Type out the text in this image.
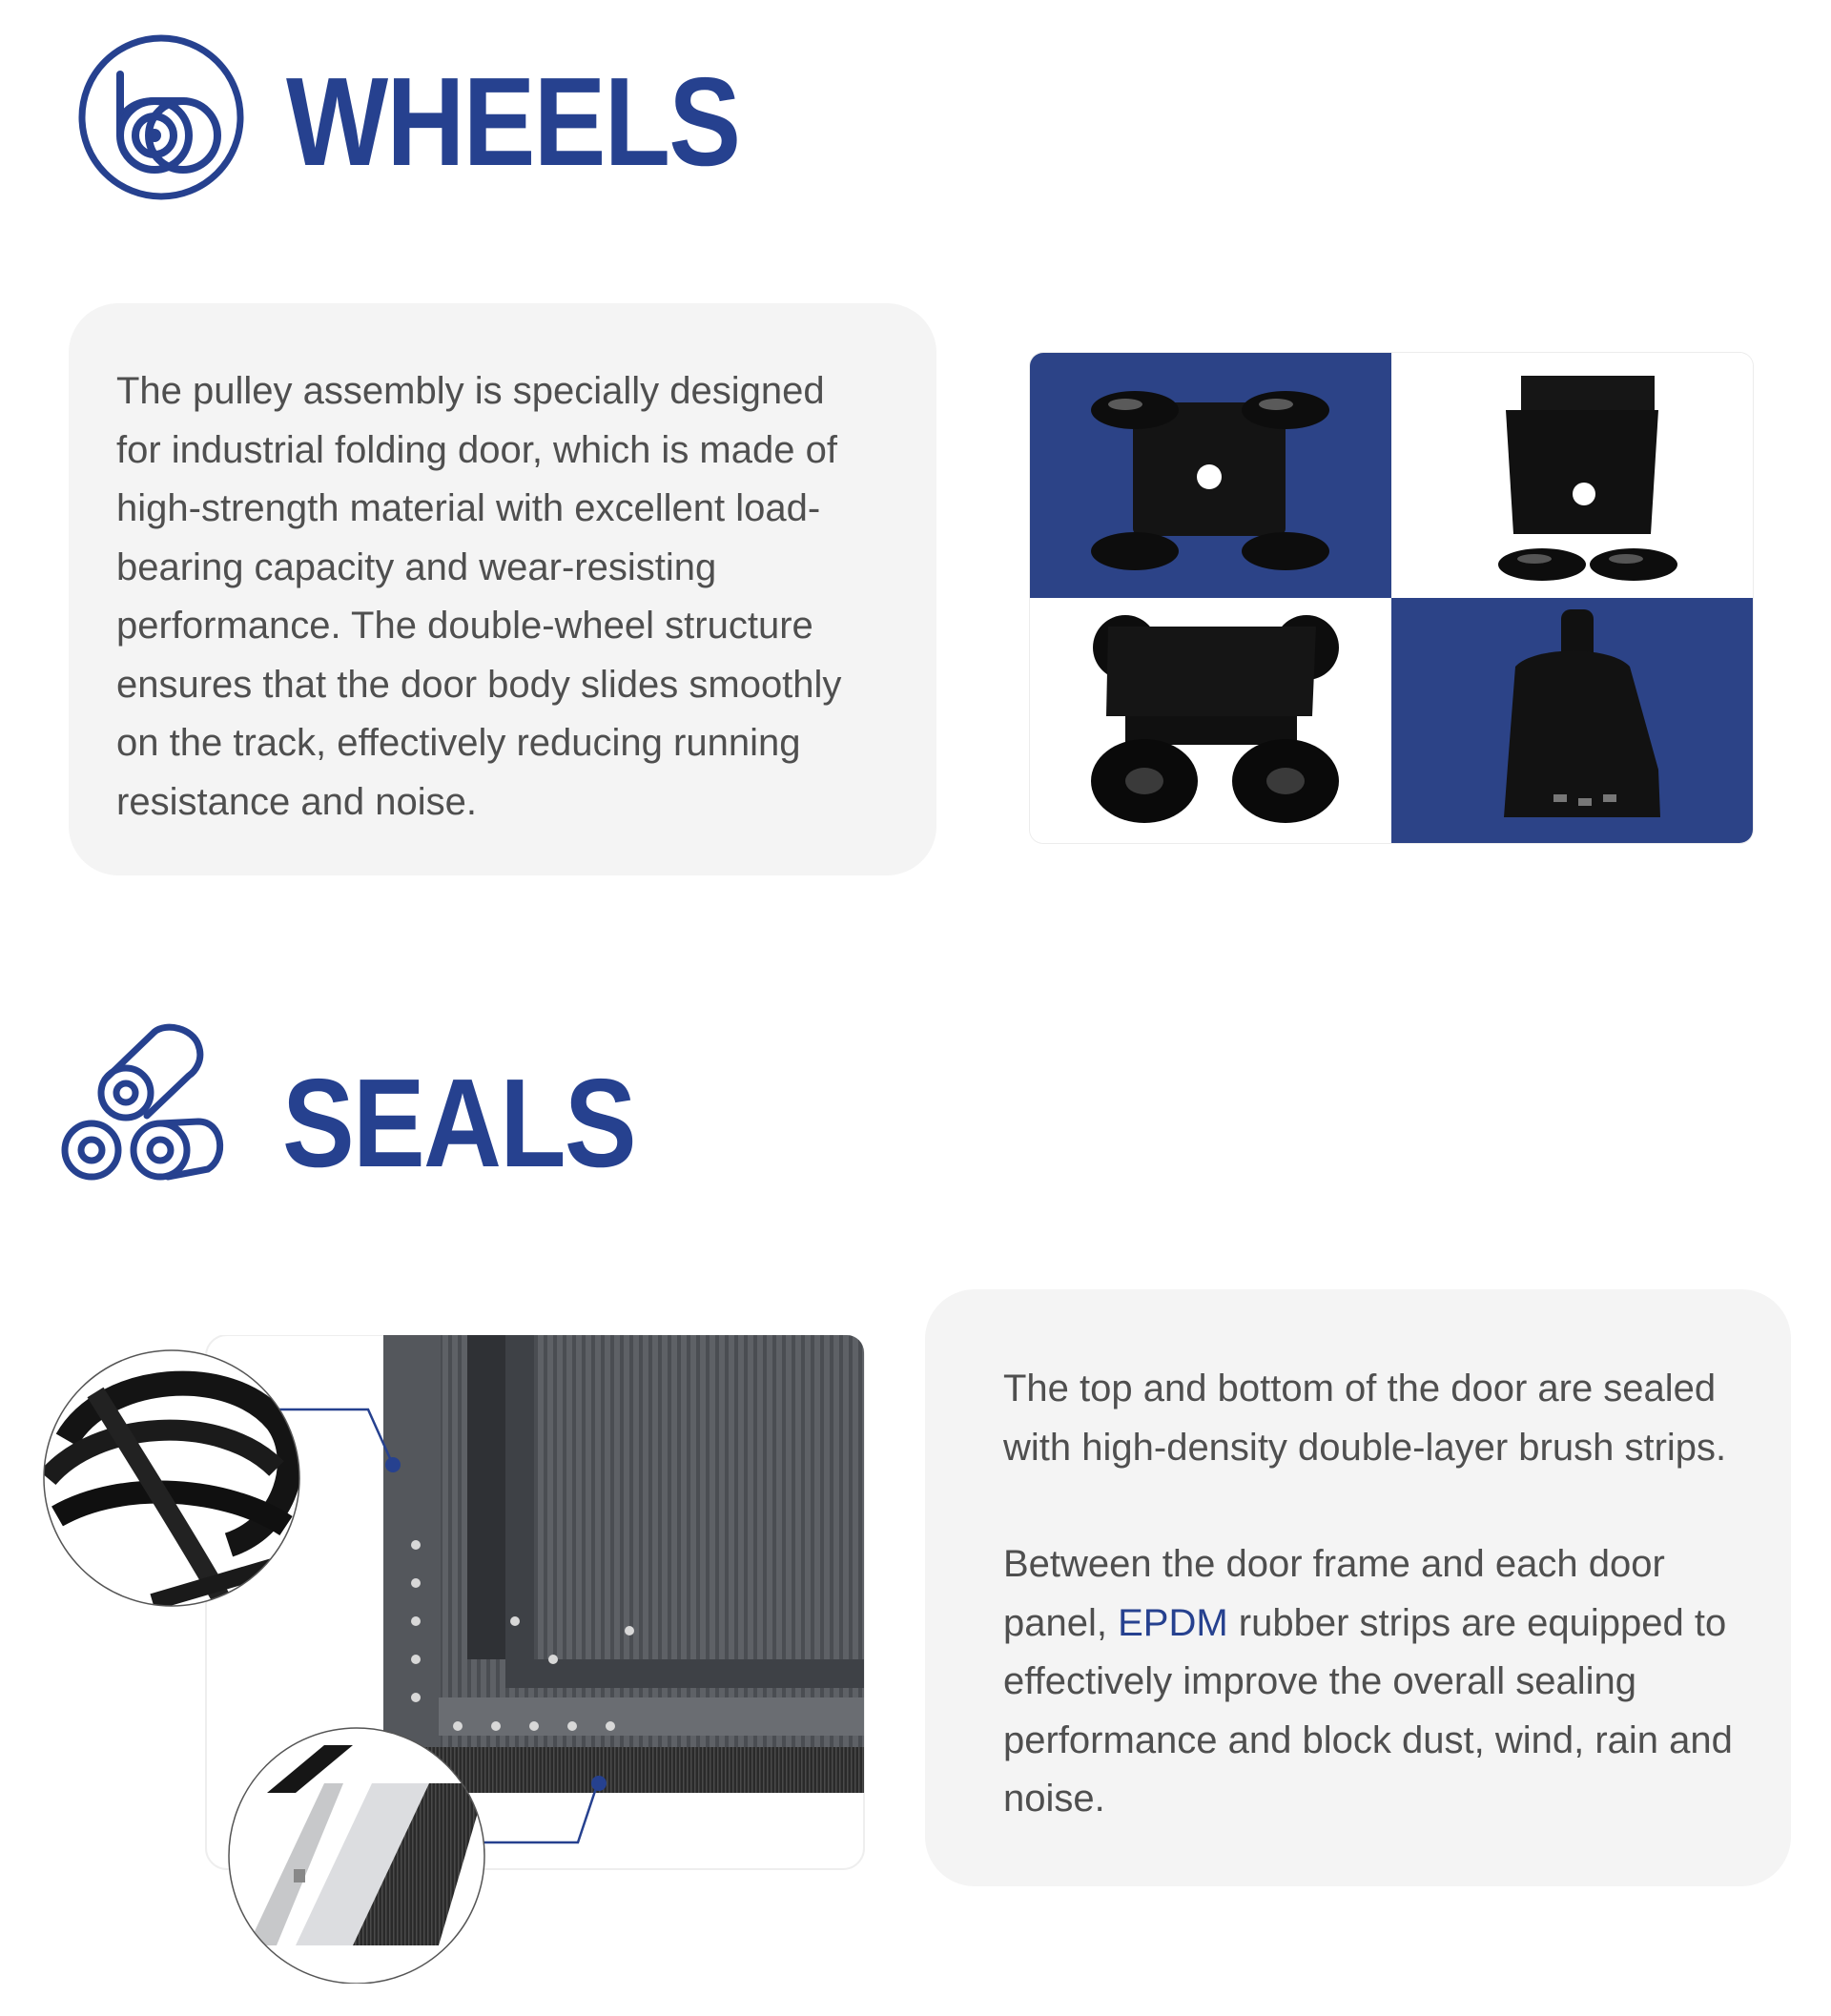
WHEELS

The pulley assembly is specially designed for industrial folding door, which is made of high-strength material with excellent load-bearing capacity and wear-resisting performance. The double-wheel structure ensures that the door body slides smoothly on the track, effectively reducing running resistance and noise.

SEALS

The top and bottom of the door are sealed with high-density double-layer brush strips.

Between the door frame and each door panel, EPDM rubber strips are equipped to effectively improve the overall sealing performance and block dust, wind, rain and noise.
